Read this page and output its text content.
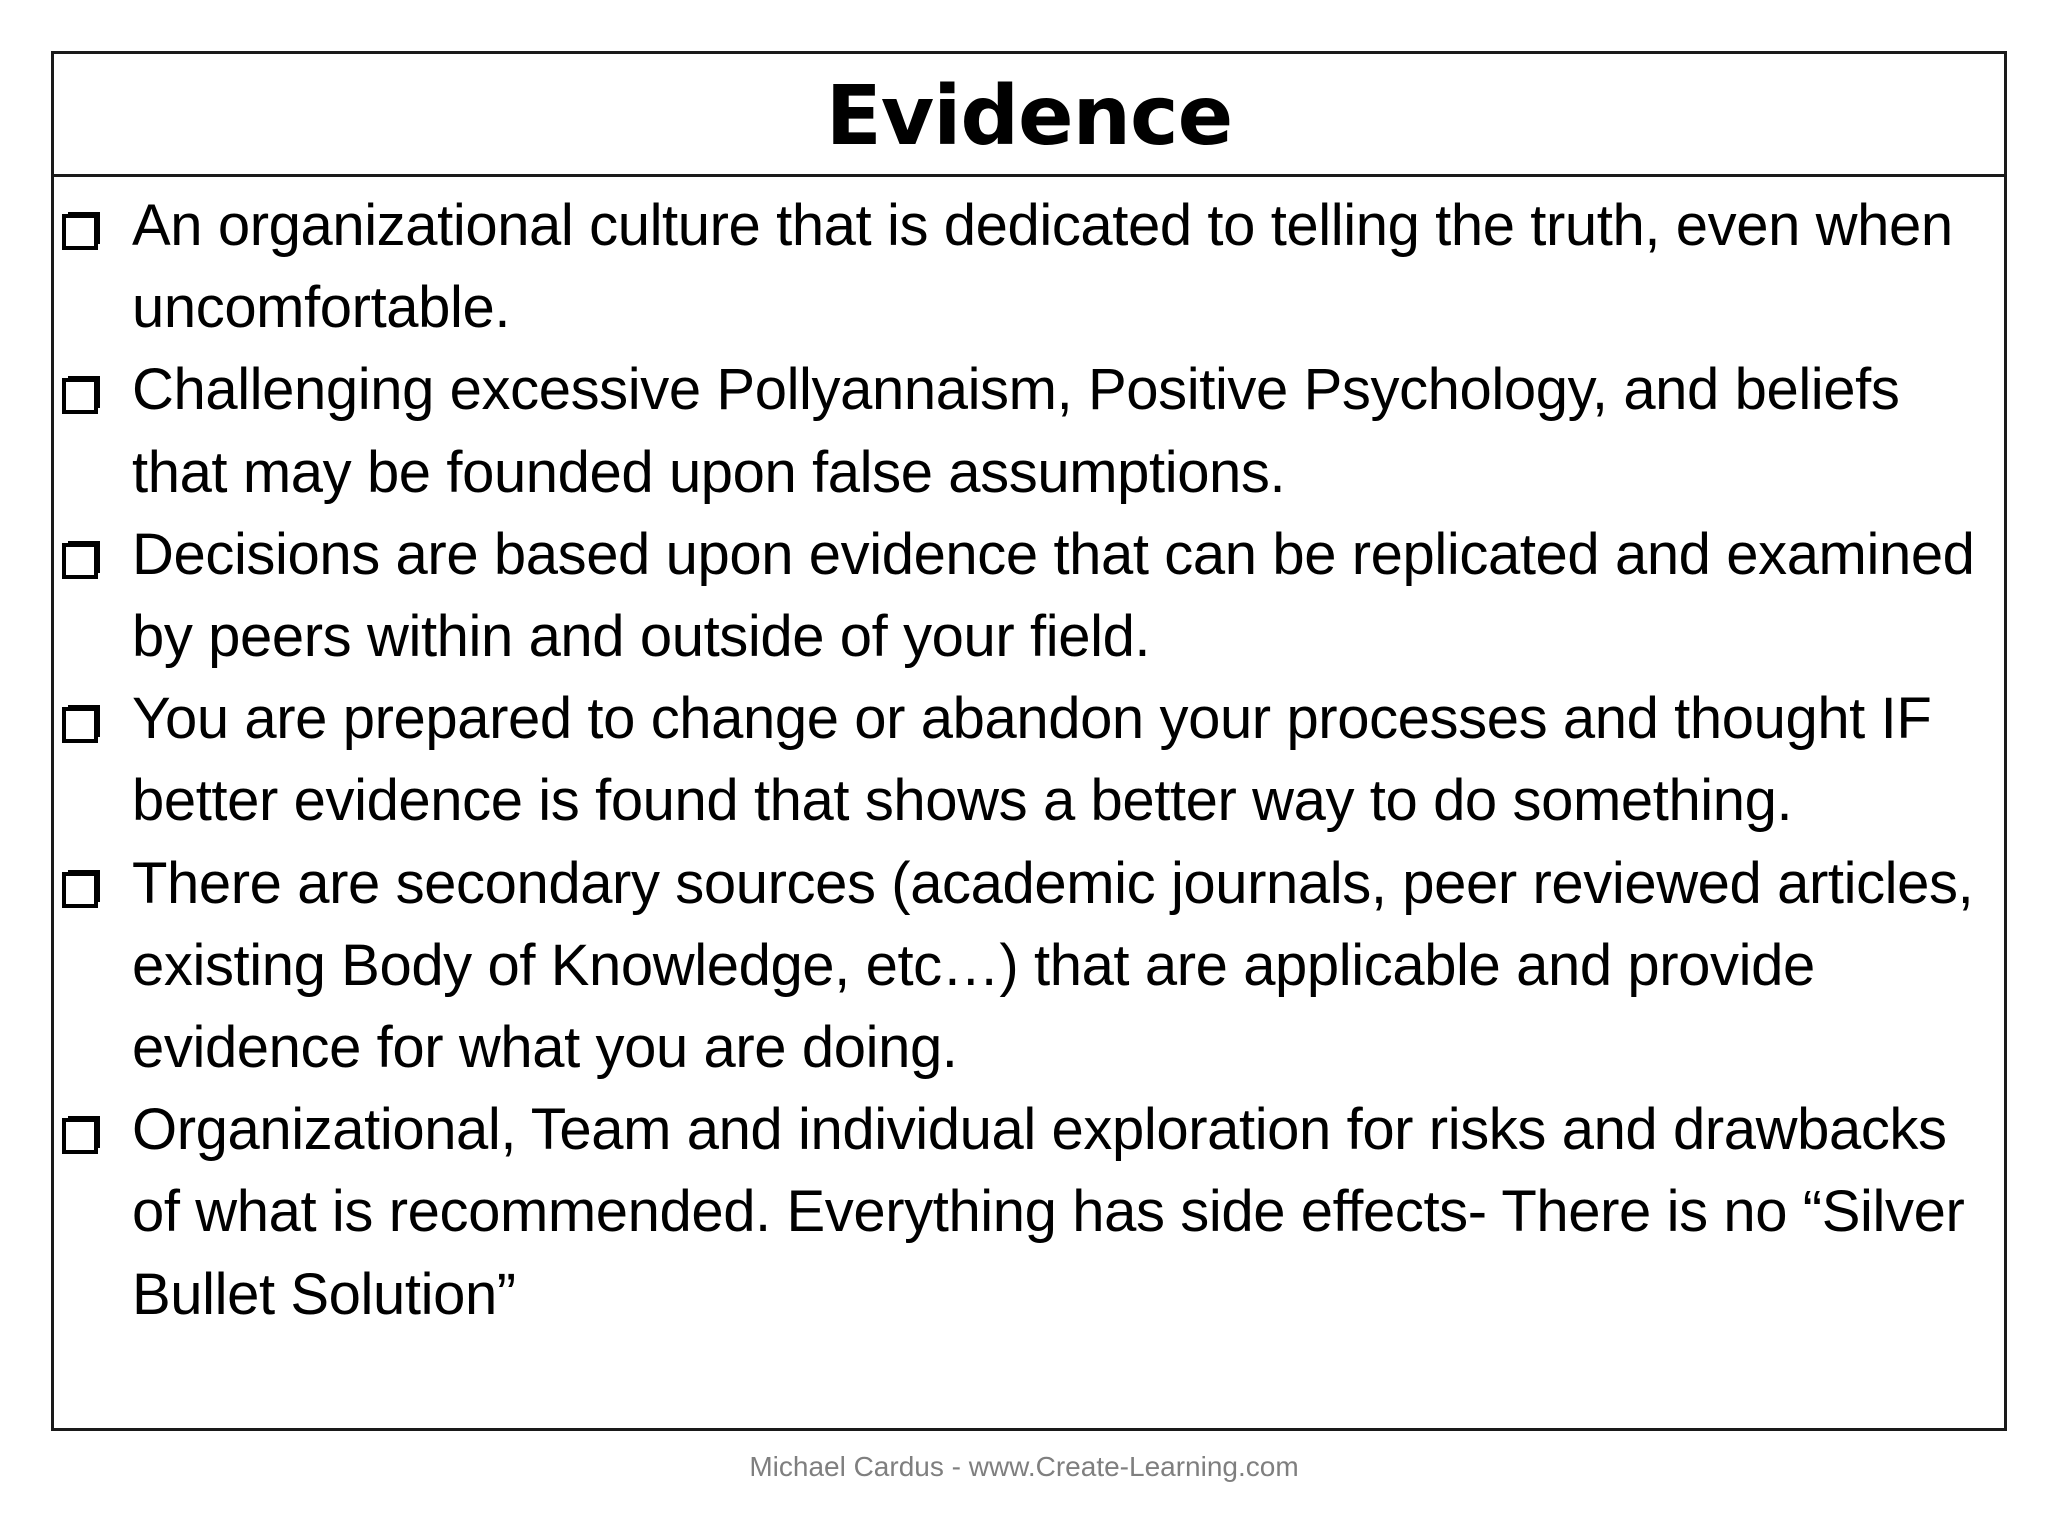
Evidence
An organizational culture that is dedicated to telling the truth, even when uncomfortable.
Challenging excessive Pollyannaism, Positive Psychology, and beliefs that may be founded upon false assumptions.
Decisions are based upon evidence that can be replicated and examined by peers within and outside of your field.
You are prepared to change or abandon your processes and thought IF better evidence is found that shows a better way to do something.
There are secondary sources (academic journals, peer reviewed articles, existing Body of Knowledge, etc…) that are applicable and provide evidence for what you are doing.
Organizational, Team and individual exploration for risks and drawbacks of what is recommended. Everything has side effects- There is no “Silver Bullet Solution”
Michael Cardus - www.Create-Learning.com
